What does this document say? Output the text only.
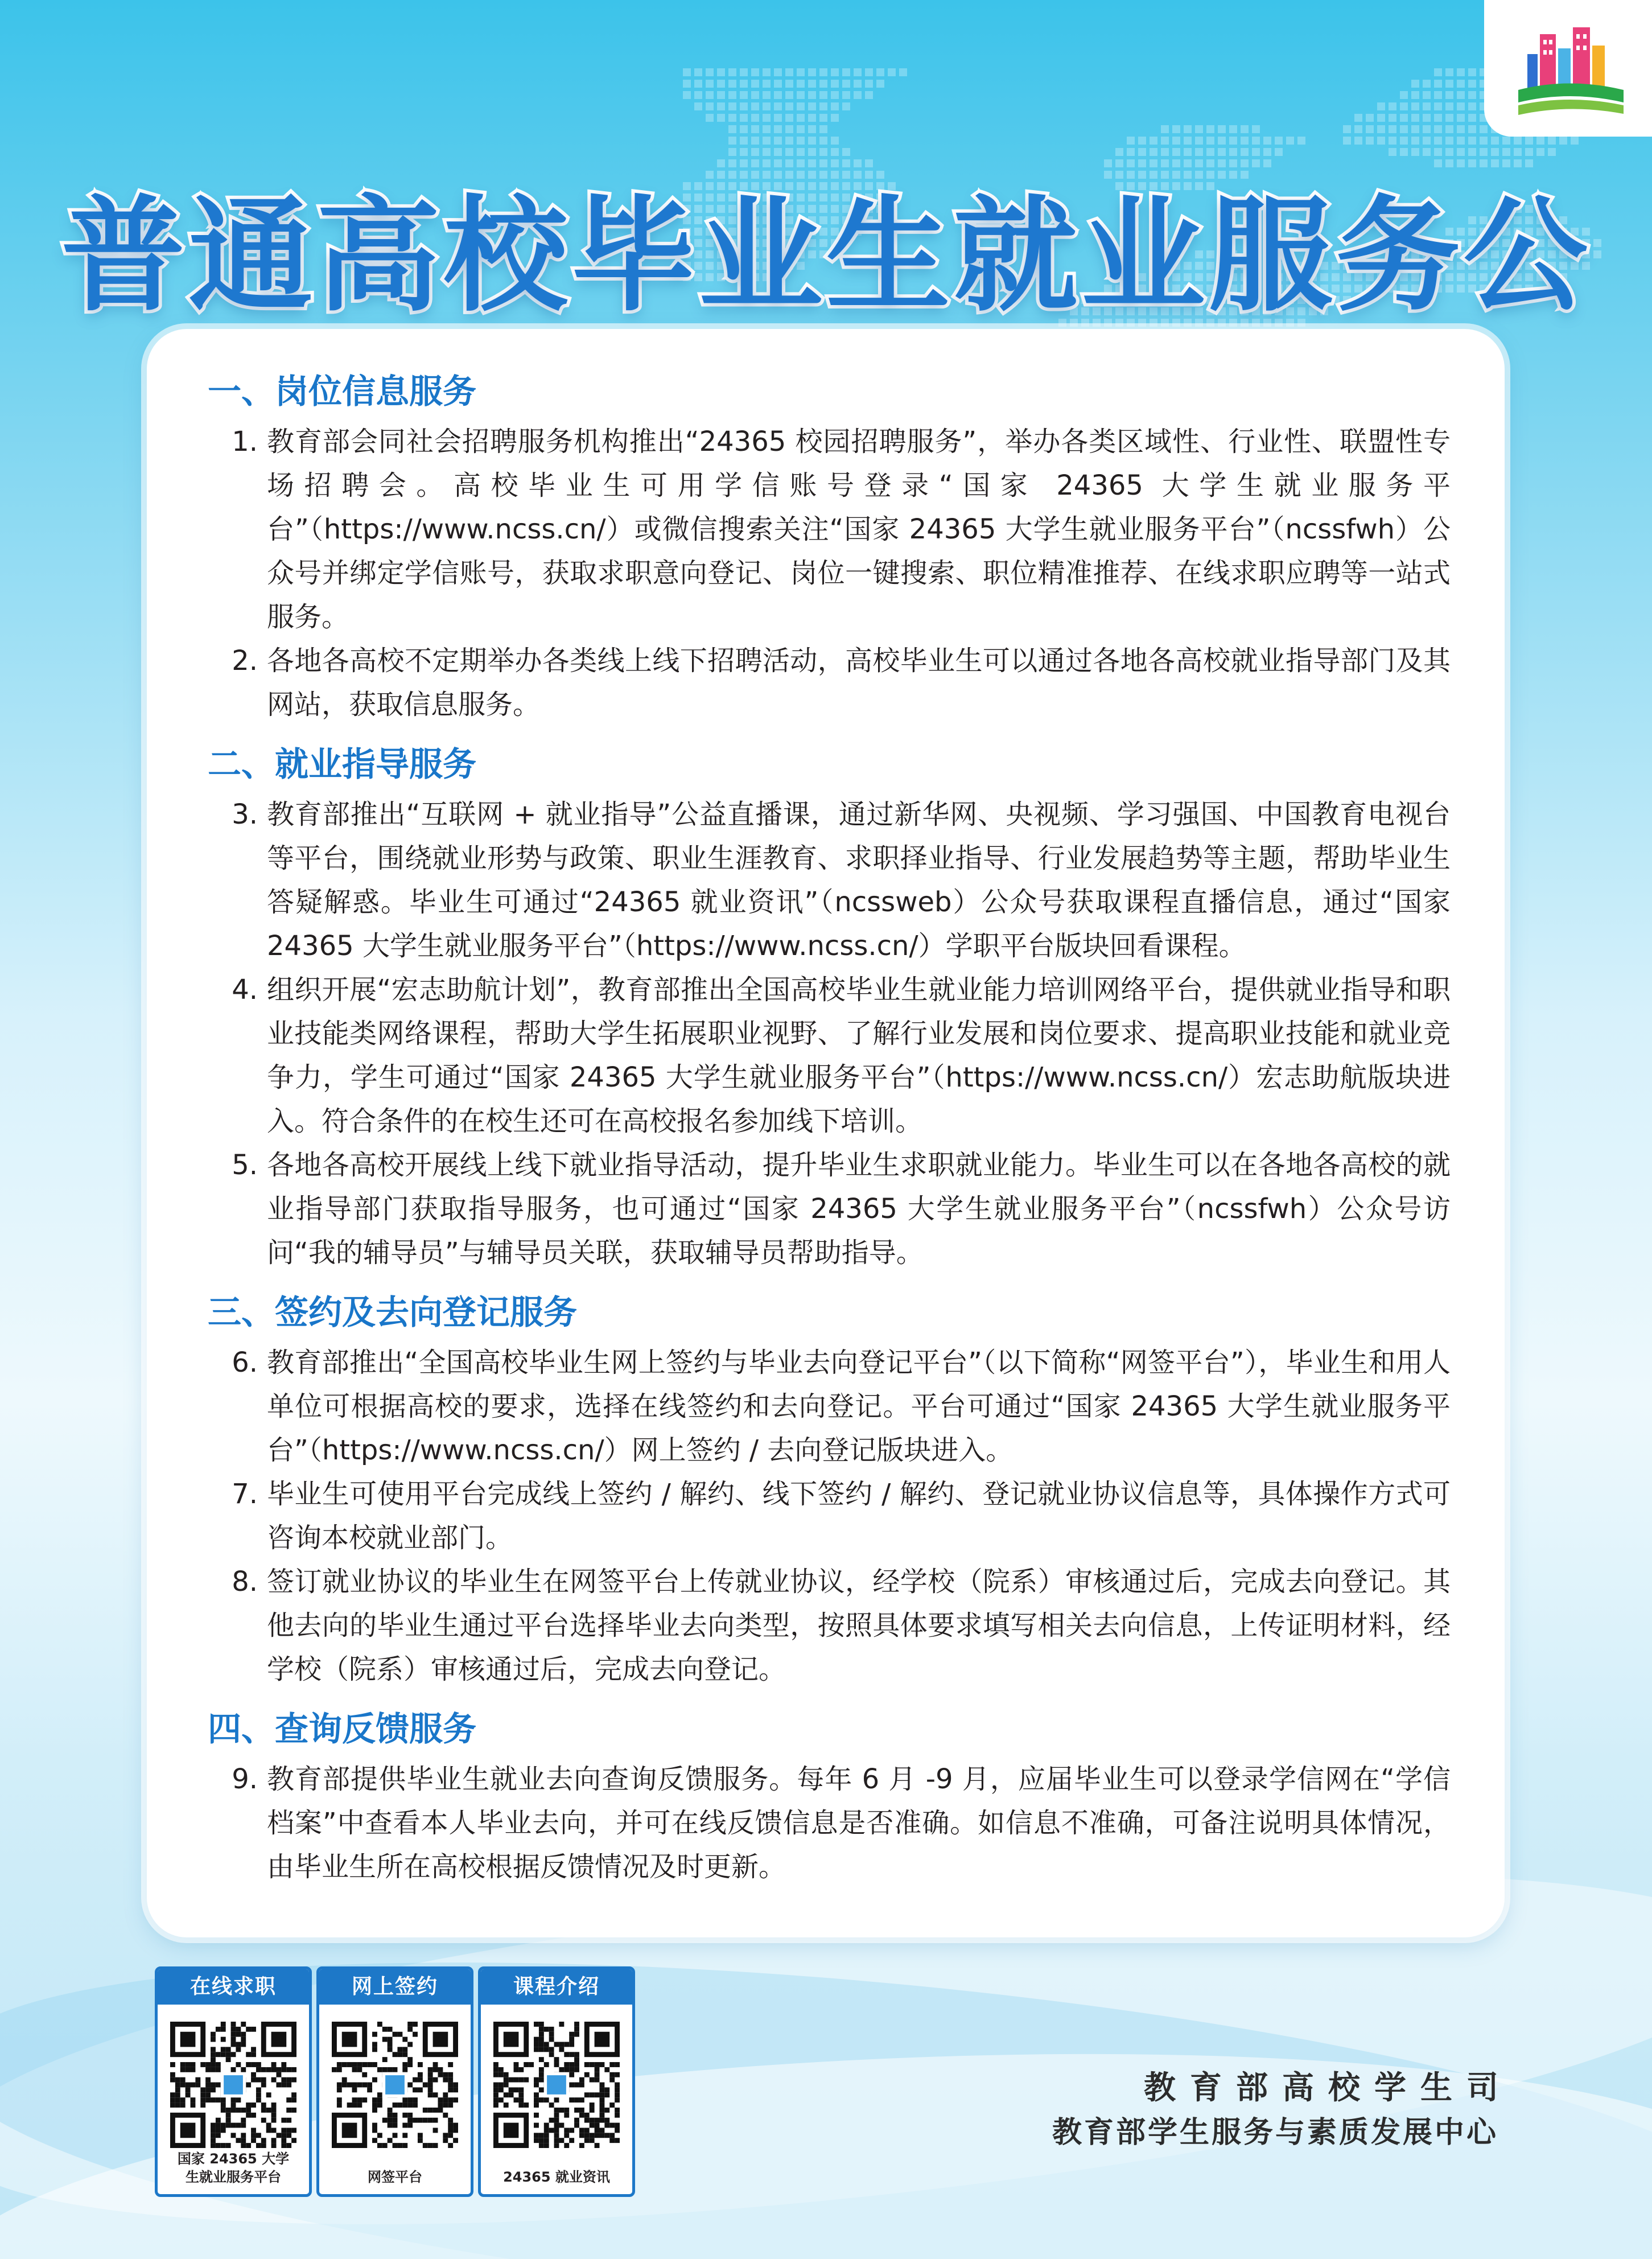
普通高校毕业生就业服务公
一、岗位信息服务
1. 教育部会同社会招聘服务机构推出“24365 校园招聘服务”，举办各类区域性、行业性、联盟性专场招聘会。高校毕业生可用学信账号登录“国家 24365 大学生就业服务平台”（https://www.ncss.cn/）或微信搜索关注“国家 24365 大学生就业服务平台”（ncssfwh）公众号并绑定学信账号，获取求职意向登记、岗位一键搜索、职位精准推荐、在线求职应聘等一站式服务。
2. 各地各高校不定期举办各类线上线下招聘活动，高校毕业生可以通过各地各高校就业指导部门及其网站，获取信息服务。
二、就业指导服务
3. 教育部推出“互联网 + 就业指导”公益直播课，通过新华网、央视频、学习强国、中国教育电视台等平台，围绕就业形势与政策、职业生涯教育、求职择业指导、行业发展趋势等主题，帮助毕业生答疑解惑。毕业生可通过“24365 就业资讯”（ncssweb）公众号获取课程直播信息，通过“国家 24365 大学生就业服务平台”（https://www.ncss.cn/）学职平台版块回看课程。
4. 组织开展“宏志助航计划”，教育部推出全国高校毕业生就业能力培训网络平台，提供就业指导和职业技能类网络课程，帮助大学生拓展职业视野、了解行业发展和岗位要求、提高职业技能和就业竞争力，学生可通过“国家 24365 大学生就业服务平台”（https://www.ncss.cn/）宏志助航版块进入。符合条件的在校生还可在高校报名参加线下培训。
5. 各地各高校开展线上线下就业指导活动，提升毕业生求职就业能力。毕业生可以在各地各高校的就业指导部门获取指导服务，也可通过“国家 24365 大学生就业服务平台”（ncssfwh）公众号访问“我的辅导员”与辅导员关联，获取辅导员帮助指导。
三、签约及去向登记服务
6. 教育部推出“全国高校毕业生网上签约与毕业去向登记平台”（以下简称“网签平台”），毕业生和用人单位可根据高校的要求，选择在线签约和去向登记。平台可通过“国家 24365 大学生就业服务平台”（https://www.ncss.cn/）网上签约 / 去向登记版块进入。
7. 毕业生可使用平台完成线上签约 / 解约、线下签约 / 解约、登记就业协议信息等，具体操作方式可咨询本校就业部门。
8. 签订就业协议的毕业生在网签平台上传就业协议，经学校（院系）审核通过后，完成去向登记。其他去向的毕业生通过平台选择毕业去向类型，按照具体要求填写相关去向信息，上传证明材料，经学校（院系）审核通过后，完成去向登记。
四、查询反馈服务
9. 教育部提供毕业生就业去向查询反馈服务。每年 6 月 -9 月，应届毕业生可以登录学信网在“学信档案”中查看本人毕业去向，并可在线反馈信息是否准确。如信息不准确，可备注说明具体情况，由毕业生所在高校根据反馈情况及时更新。
在线求职
国家 24365 大学
生就业服务平台
网上签约
网签平台
课程介绍
24365 就业资讯
教育部高校学生司
教育部学生服务与素质发展中心
